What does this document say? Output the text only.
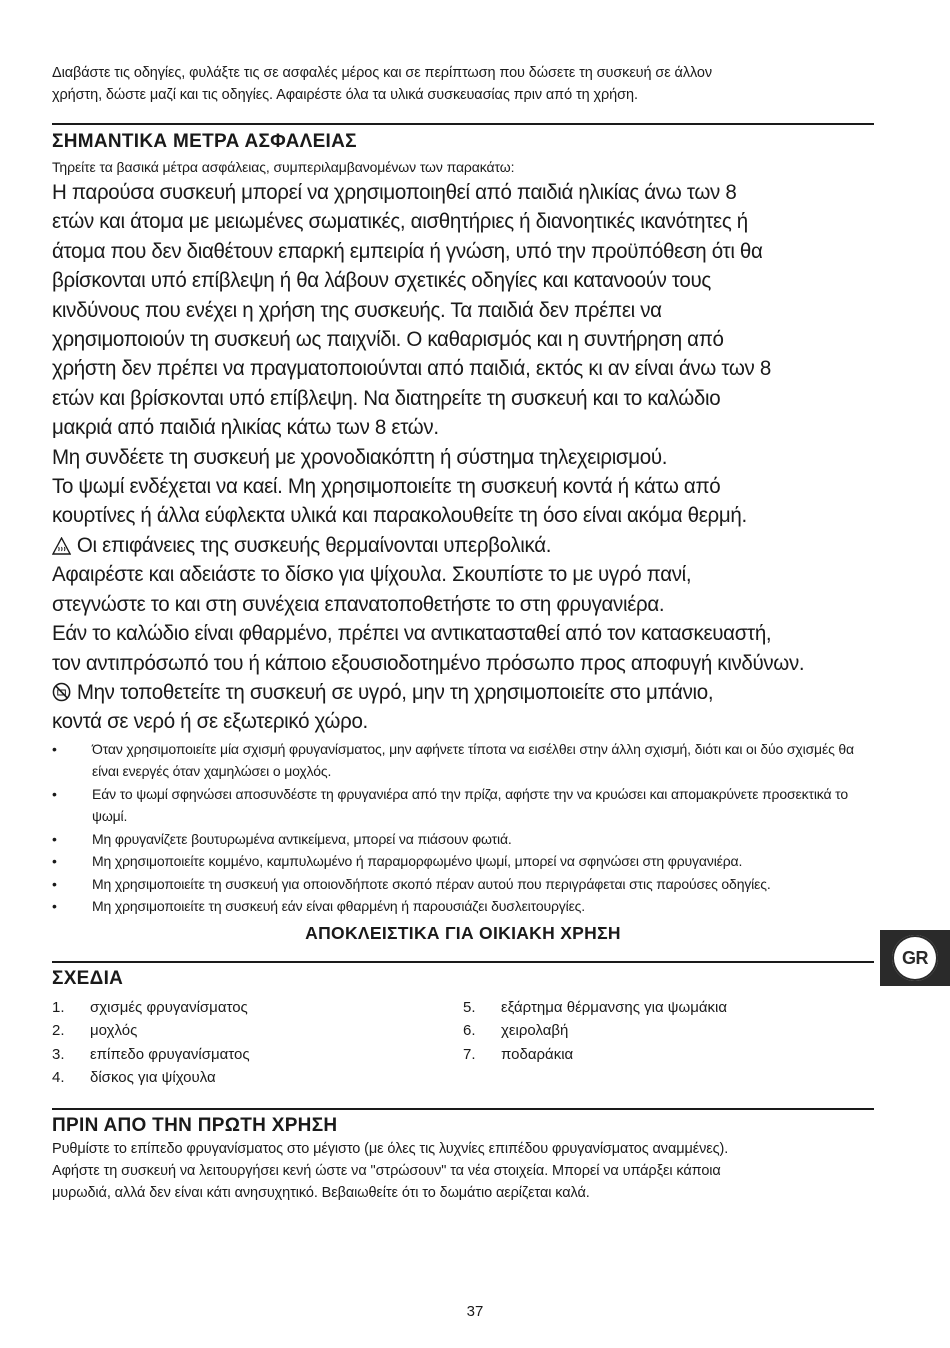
Διαβάστε τις οδηγίες, φυλάξτε τις σε ασφαλές μέρος και σε περίπτωση που δώσετε τη συσκευή σε άλλον
χρήστη, δώστε μαζί και τις οδηγίες. Αφαιρέστε όλα τα υλικά συσκευασίας πριν από τη χρήση.

ΣΗΜΑΝΤΙΚΑ ΜΕΤΡΑ ΑΣΦΑΛΕΙΑΣ

Τηρείτε τα βασικά μέτρα ασφάλειας, συμπεριλαμβανομένων των παρακάτω:

Η παρούσα συσκευή μπορεί να χρησιμοποιηθεί από παιδιά ηλικίας άνω των 8
ετών και άτομα με μειωμένες σωματικές, αισθητήριες ή διανοητικές ικανότητες ή
άτομα που δεν διαθέτουν επαρκή εμπειρία ή γνώση, υπό την προϋπόθεση ότι θα
βρίσκονται υπό επίβλεψη ή θα λάβουν σχετικές οδηγίες και κατανοούν τους
κινδύνους που ενέχει η χρήση της συσκευής. Τα παιδιά δεν πρέπει να
χρησιμοποιούν τη συσκευή ως παιχνίδι. Ο καθαρισμός και η συντήρηση από
χρήστη δεν πρέπει να πραγματοποιούνται από παιδιά, εκτός κι αν είναι άνω των 8
ετών και βρίσκονται υπό επίβλεψη. Να διατηρείτε τη συσκευή και το καλώδιο
μακριά από παιδιά ηλικίας κάτω των 8 ετών.
Μη συνδέετε τη συσκευή με χρονοδιακόπτη ή σύστημα τηλεχειρισμού.
Το ψωμί ενδέχεται να καεί. Μη χρησιμοποιείτε τη συσκευή κοντά ή κάτω από
κουρτίνες ή άλλα εύφλεκτα υλικά και παρακολουθείτε τη όσο είναι ακόμα θερμή.

Οι επιφάνειες της συσκευής θερμαίνονται υπερβολικά.

Αφαιρέστε και αδειάστε το δίσκο για ψίχουλα. Σκουπίστε το με υγρό πανί,
στεγνώστε το και στη συνέχεια επανατοποθετήστε το στη φρυγανιέρα.
Εάν το καλώδιο είναι φθαρμένο, πρέπει να αντικατασταθεί από τον κατασκευαστή,
τον αντιπρόσωπό του ή κάποιο εξουσιοδοτημένο πρόσωπο προς αποφυγή κινδύνων.

Μην τοποθετείτε τη συσκευή σε υγρό, μην τη χρησιμοποιείτε στο μπάνιο,

κοντά σε νερό ή σε εξωτερικό χώρο.

• Όταν χρησιμοποιείτε μία σχισμή φρυγανίσματος, μην αφήνετε τίποτα να εισέλθει στην άλλη σχισμή, διότι και οι δύο σχισμές θα είναι ενεργές όταν χαμηλώσει ο μοχλός.
• Εάν το ψωμί σφηνώσει αποσυνδέστε τη φρυγανιέρα από την πρίζα, αφήστε την να κρυώσει και απομακρύνετε προσεκτικά το ψωμί.
• Μη φρυγανίζετε βουτυρωμένα αντικείμενα, μπορεί να πιάσουν φωτιά.
• Μη χρησιμοποιείτε κομμένο, καμπυλωμένο ή παραμορφωμένο ψωμί, μπορεί να σφηνώσει στη φρυγανιέρα.
• Μη χρησιμοποιείτε τη συσκευή για οποιονδήποτε σκοπό πέραν αυτού που περιγράφεται στις παρούσες οδηγίες.
• Μη χρησιμοποιείτε τη συσκευή εάν είναι φθαρμένη ή παρουσιάζει δυσλειτουργίες.

ΑΠΟΚΛΕΙΣΤΙΚΑ ΓΙΑ ΟΙΚΙΑΚΗ ΧΡΗΣΗ

ΣΧΕΔΙΑ
1. σχισμές φρυγανίσματος
2. μοχλός
3. επίπεδο φρυγανίσματος
4. δίσκος για ψίχουλα
5. εξάρτημα θέρμανσης για ψωμάκια
6. χειρολαβή
7. ποδαράκια
ΠΡΙΝ ΑΠΟ ΤΗΝ ΠΡΩΤΗ ΧΡΗΣΗ
Ρυθμίστε το επίπεδο φρυγανίσματος στο μέγιστο (με όλες τις λυχνίες επιπέδου φρυγανίσματος αναμμένες).
Αφήστε τη συσκευή να λειτουργήσει κενή ώστε να "στρώσουν" τα νέα στοιχεία. Μπορεί να υπάρξει κάποια
μυρωδιά, αλλά δεν είναι κάτι ανησυχητικό. Βεβαιωθείτε ότι το δωμάτιο αερίζεται καλά.
GR
37
